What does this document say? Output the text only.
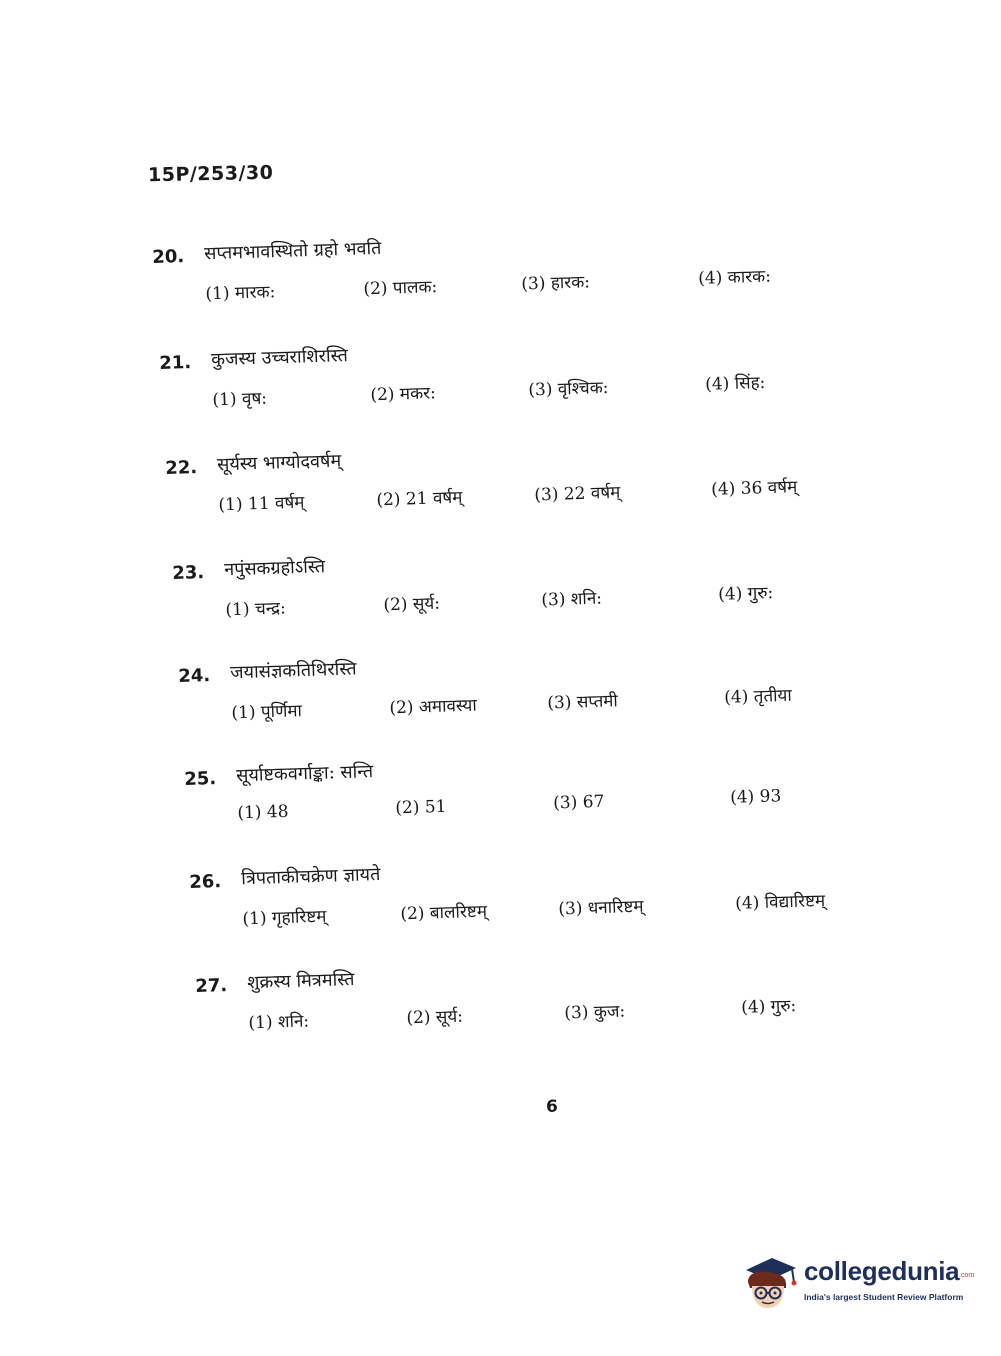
15P/253/30
20. सप्तमभावस्थितो ग्रहो भवति
(1) मारक:	(2) पालक:	(3) हारक:	(4) कारक:
21. कुजस्य उच्चराशिरस्ति
(1) वृष:	(2) मकर:	(3) वृश्चिक:	(4) सिंह:
22. सूर्यस्य भाग्योदवर्षम्
(1) 11 वर्षम्	(2) 21 वर्षम्	(3) 22 वर्षम्	(4) 36 वर्षम्
23. नपुंसकग्रहोऽस्ति
(1) चन्द्र:	(2) सूर्य:	(3) शनि:	(4) गुरु:
24. जयासंज्ञकतिथिरस्ति
(1) पूर्णिमा	(2) अमावस्या	(3) सप्तमी	(4) तृतीया
25. सूर्याष्टकवर्गाङ्का: सन्ति
(1) 48	(2) 51	(3) 67	(4) 93
26. त्रिपताकीचक्रेण ज्ञायते
(1) गृहारिष्टम्	(2) बालरिष्टम्	(3) धनारिष्टम्	(4) विद्यारिष्टम्
27. शुक्रस्य मित्रमस्ति
(1) शनि:	(2) सूर्य:	(3) कुज:	(4) गुरु:
6
collegedunia .com
India's largest Student Review Platform
